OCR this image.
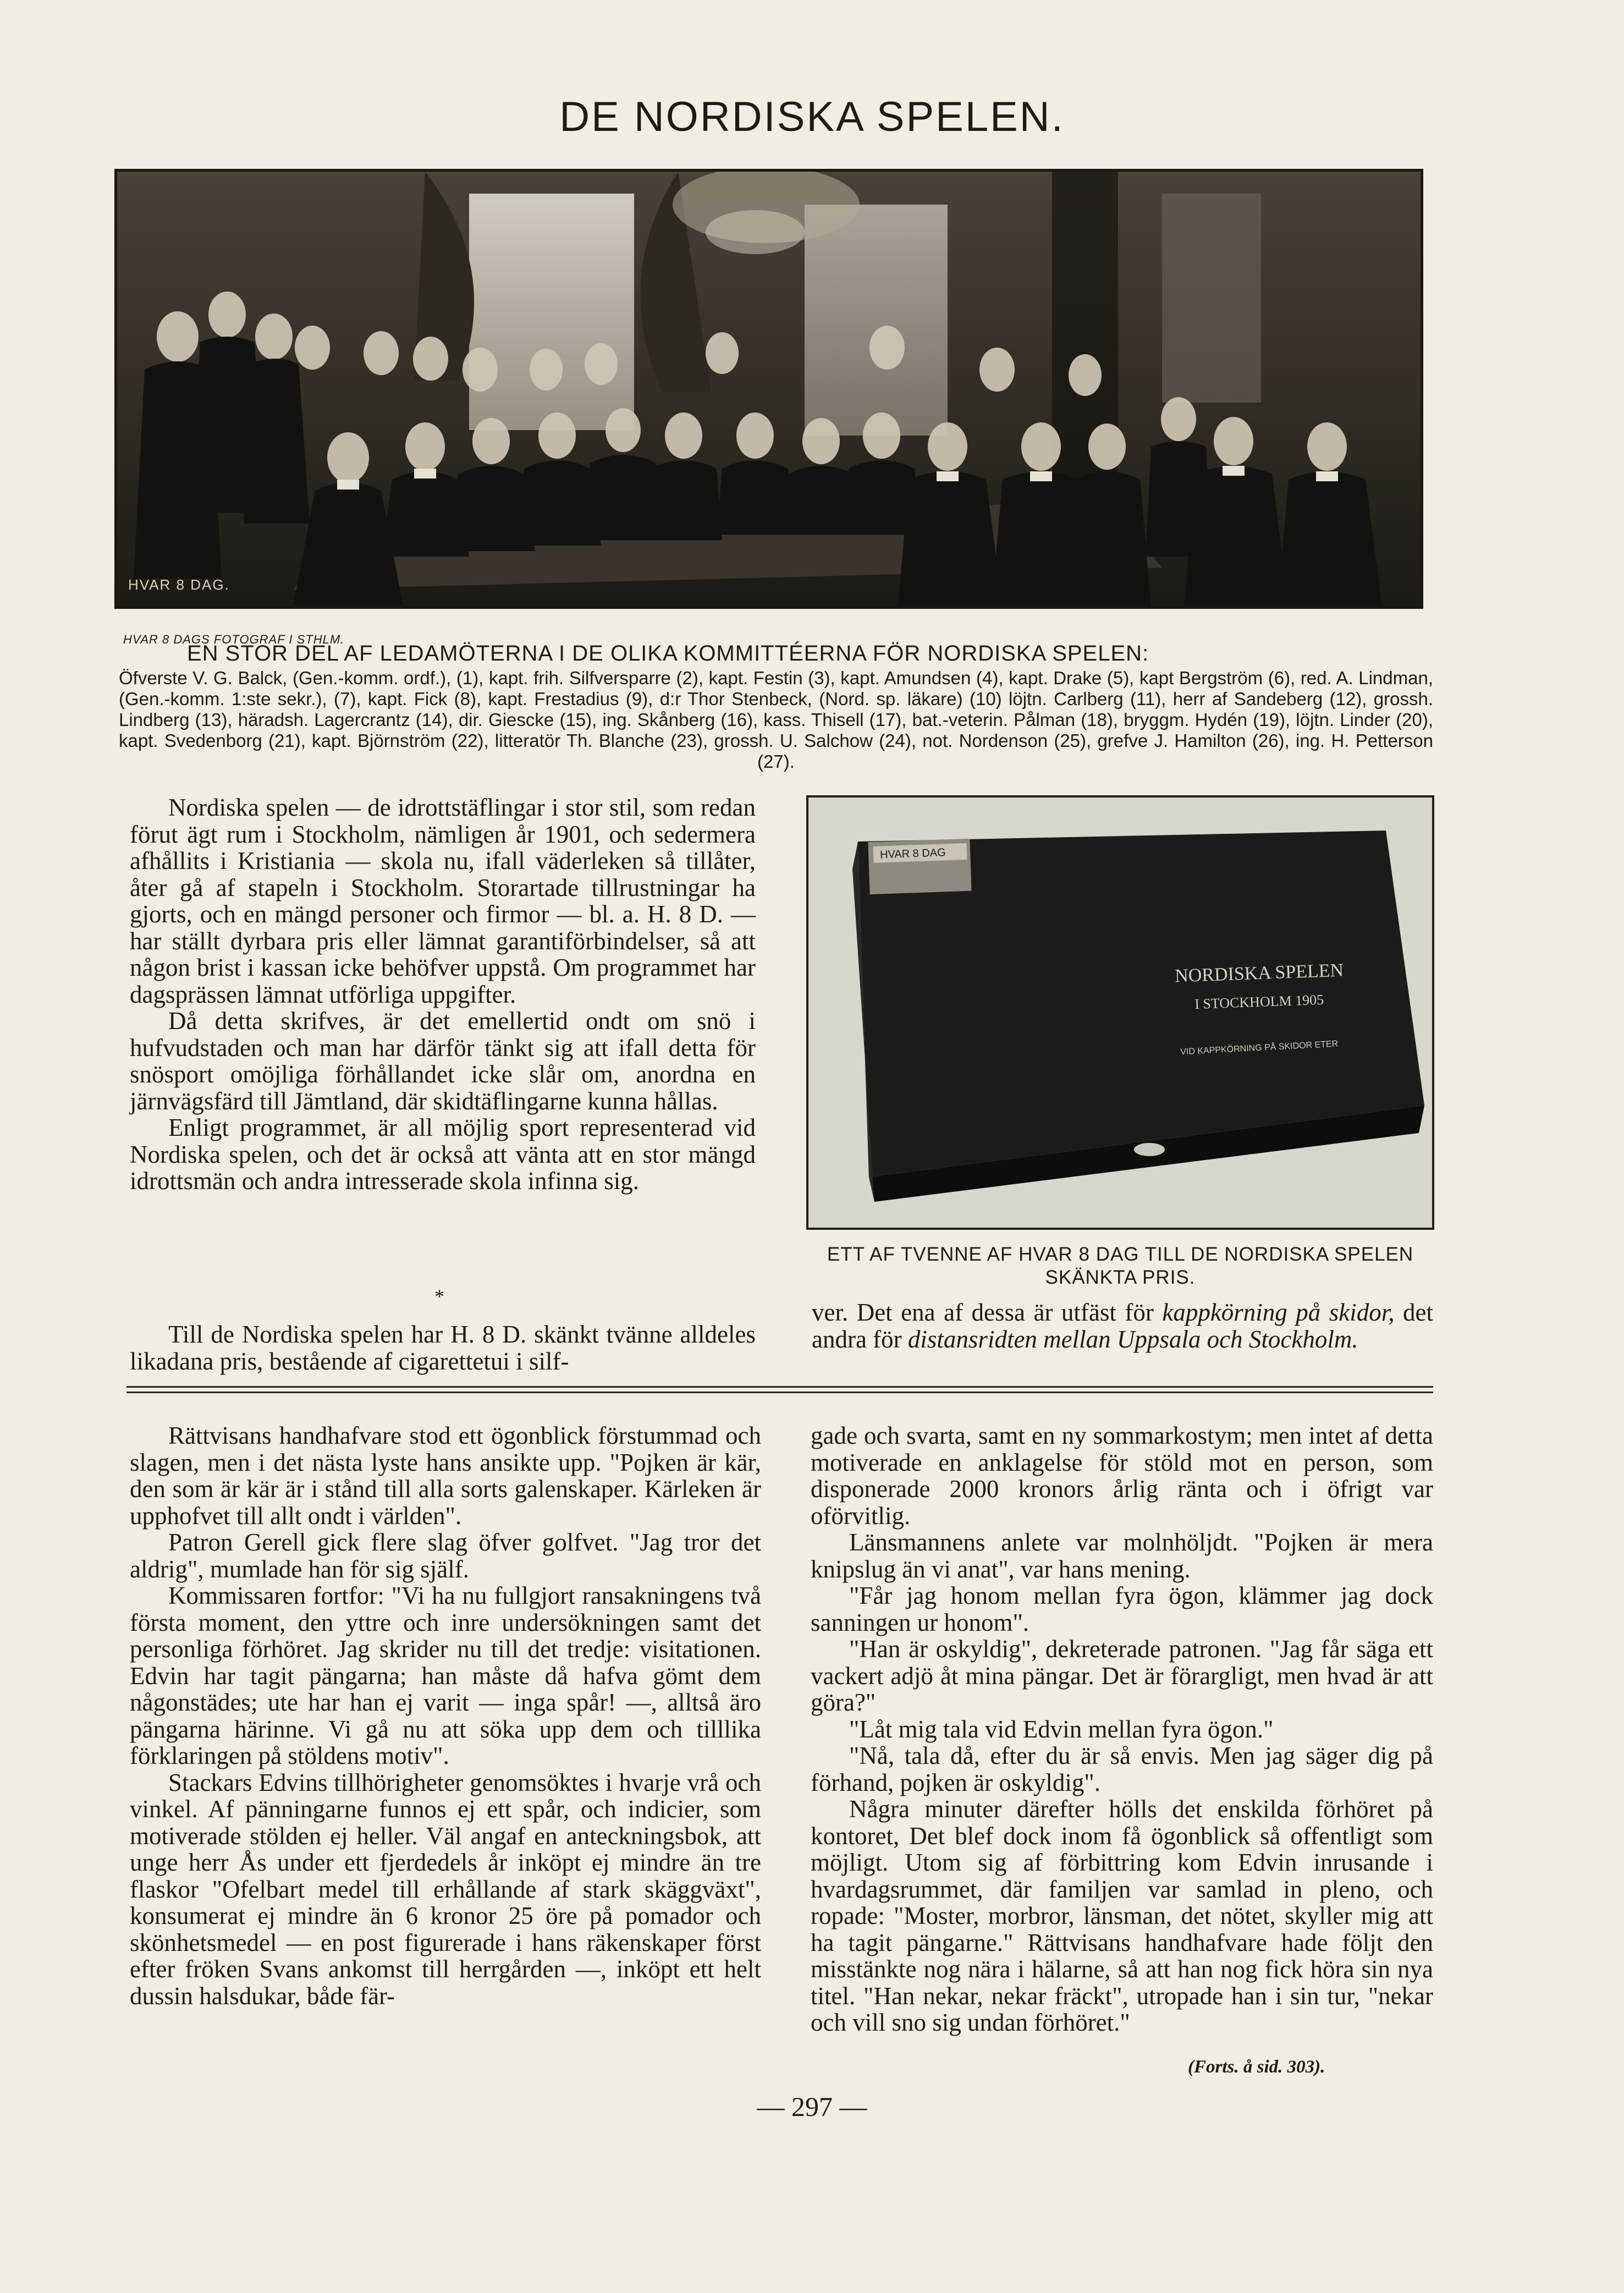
DE NORDISKA SPELEN.
HVAR 8 DAG.
HVAR 8 DAGS FOTOGRAF I STHLM.
EN STOR DEL AF LEDAMÖTERNA I DE OLIKA KOMMITTÉERNA FÖR NORDISKA SPELEN:
Öfverste V. G. Balck, (Gen.-komm. ordf.), (1), kapt. frih. Silfversparre (2), kapt. Festin (3), kapt. Amundsen (4), kapt. Drake (5), kapt Bergström (6), red. A. Lindman, (Gen.-komm. 1:ste sekr.), (7), kapt. Fick (8), kapt. Frestadius (9), d:r Thor Stenbeck, (Nord. sp. läkare) (10) löjtn. Carlberg (11), herr af Sandeberg (12), grossh. Lindberg (13), häradsh. Lagercrantz (14), dir. Giescke (15), ing. Skånberg (16), kass. Thisell (17), bat.-veterin. Pålman (18), bryggm. Hydén (19), löjtn. Linder (20), kapt. Svedenborg (21), kapt. Björnström (22), litteratör Th. Blanche (23), grossh. U. Salchow (24), not. Nordenson (25), grefve J. Hamilton (26), ing. H. Petterson (27).

Nordiska spelen — de idrottstäflingar i stor stil, som redan förut ägt rum i Stockholm, nämligen år 1901, och sedermera afhållits i Kristiania — skola nu, ifall väderleken så tillåter, åter gå af stapeln i Stockholm. Storartade tillrustningar ha gjorts, och en mängd personer och firmor — bl. a. H. 8 D. — har ställt dyrbara pris eller lämnat garantiförbindelser, så att någon brist i kassan icke behöfver uppstå. Om programmet har dagsprässen lämnat utförliga uppgifter.

Då detta skrifves, är det emellertid ondt om snö i hufvudstaden och man har därför tänkt sig att ifall detta för snösport omöjliga förhållandet icke slår om, anordna en järnvägsfärd till Jämtland, där skidtäflingarne kunna hållas.

Enligt programmet, är all möjlig sport representerad vid Nordiska spelen, och det är också att vänta att en stor mängd idrottsmän och andra intresserade skola infinna sig.

*

Till de Nordiska spelen har H. 8 D. skänkt tvänne alldeles likadana pris, bestående af cigarettetui i silf-

HVAR 8 DAG
NORDISKA SPELEN
I STOCKHOLM 1905
VID KAPPKÖRNING PÅ SKIDOR ETER
ETT AF TVENNE AF HVAR 8 DAG TILL DE NORDISKA SPELEN SKÄNKTA PRIS.

ver. Det ena af dessa är utfäst för kappkörning på skidor, det andra för distansridten mellan Uppsala och Stockholm.

Rättvisans handhafvare stod ett ögonblick förstummad och slagen, men i det nästa lyste hans ansikte upp. "Pojken är kär, den som är kär är i stånd till alla sorts galenskaper. Kärleken är upphofvet till allt ondt i världen".

Patron Gerell gick flere slag öfver golfvet. "Jag tror det aldrig", mumlade han för sig själf.

Kommissaren fortfor: "Vi ha nu fullgjort ransakningens två första moment, den yttre och inre undersökningen samt det personliga förhöret. Jag skrider nu till det tredje: visitationen. Edvin har tagit pängarna; han måste då hafva gömt dem någonstädes; ute har han ej varit — inga spår! —, alltså äro pängarna härinne. Vi gå nu att söka upp dem och tilllika förklaringen på stöldens motiv".

Stackars Edvins tillhörigheter genomsöktes i hvarje vrå och vinkel. Af pänningarne funnos ej ett spår, och indicier, som motiverade stölden ej heller. Väl angaf en anteckningsbok, att unge herr Ås under ett fjerdedels år inköpt ej mindre än tre flaskor "Ofelbart medel till erhållande af stark skäggväxt", konsumerat ej mindre än 6 kronor 25 öre på pomador och skönhetsmedel — en post figurerade i hans räkenskaper först efter fröken Svans ankomst till herrgården —, inköpt ett helt dussin halsdukar, både fär-

gade och svarta, samt en ny sommarkostym; men intet af detta motiverade en anklagelse för stöld mot en person, som disponerade 2000 kronors årlig ränta och i öfrigt var oförvitlig.

Länsmannens anlete var molnhöljdt. "Pojken är mera knipslug än vi anat", var hans mening.

"Får jag honom mellan fyra ögon, klämmer jag dock sanningen ur honom".

"Han är oskyldig", dekreterade patronen. "Jag får säga ett vackert adjö åt mina pängar. Det är förargligt, men hvad är att göra?"

"Låt mig tala vid Edvin mellan fyra ögon."

"Nå, tala då, efter du är så envis. Men jag säger dig på förhand, pojken är oskyldig".

Några minuter därefter hölls det enskilda förhöret på kontoret, Det blef dock inom få ögonblick så offentligt som möjligt. Utom sig af förbittring kom Edvin inrusande i hvardagsrummet, där familjen var samlad in pleno, och ropade: "Moster, morbror, länsman, det nötet, skyller mig att ha tagit pängarne." Rättvisans handhafvare hade följt den misstänkte nog nära i hälarne, så att han nog fick höra sin nya titel. "Han nekar, nekar fräckt", utropade han i sin tur, "nekar och vill sno sig undan förhöret."

(Forts. å sid. 303).
— 297 —
